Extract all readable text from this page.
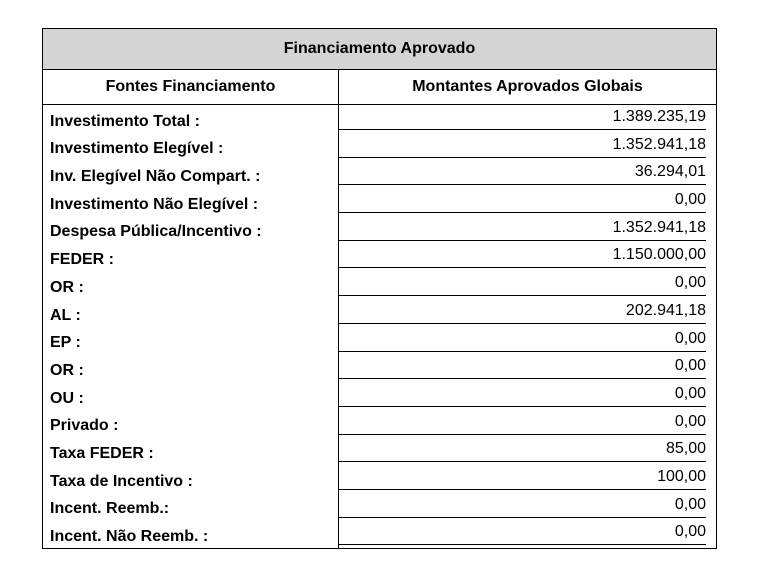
Financiamento Aprovado
Fontes Financiamento	Montantes Aprovados Globais
Investimento Total :	1.389.235,19
Investimento Elegível :	1.352.941,18
Inv. Elegível Não Compart. :	36.294,01
Investimento Não Elegível :	0,00
Despesa Pública/Incentivo :	1.352.941,18
FEDER :	1.150.000,00
OR :	0,00
AL :	202.941,18
EP :	0,00
OR :	0,00
OU :	0,00
Privado :	0,00
Taxa FEDER :	85,00
Taxa de Incentivo :	100,00
Incent. Reemb.:	0,00
Incent. Não Reemb. :	0,00
